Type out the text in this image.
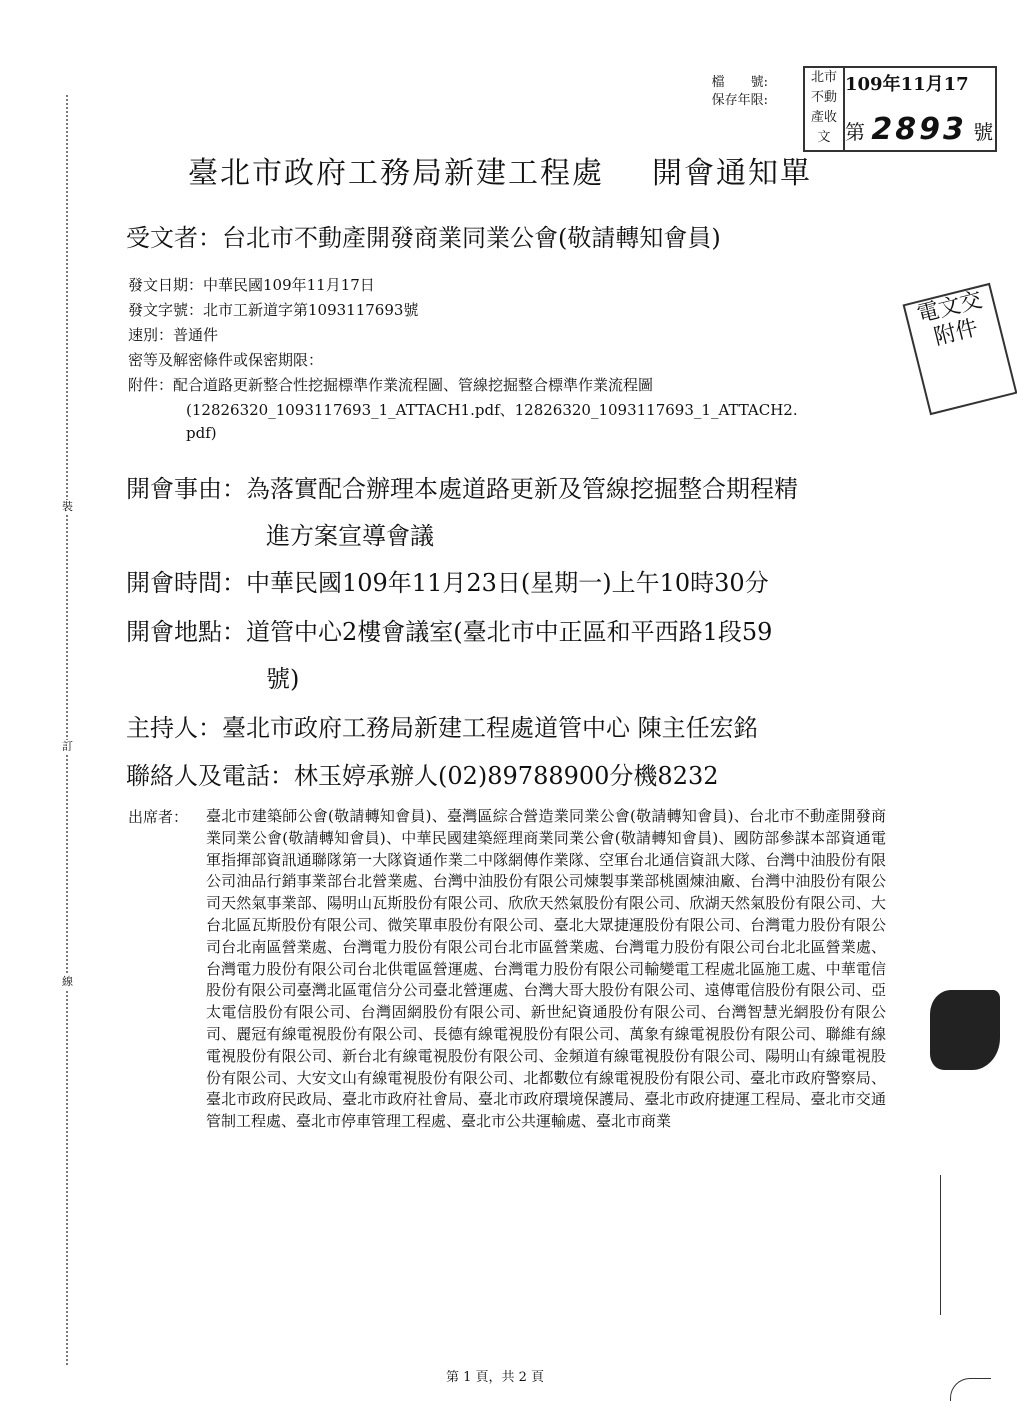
裝
訂
線
檔　　號:
保存年限:
北市不動產收文
109年11月17
第 2893 號
電文交附件
臺北市政府工務局新建工程處 開會通知單
受文者：台北市不動產開發商業同業公會(敬請轉知會員)
發文日期：中華民國109年11月17日
發文字號：北市工新道字第1093117693號
速別：普通件
密等及解密條件或保密期限：
附件：配合道路更新整合性挖掘標準作業流程圖、管線挖掘整合標準作業流程圖
(12826320_1093117693_1_ATTACH1.pdf、12826320_1093117693_1_ATTACH2.
pdf)
開會事由：為落實配合辦理本處道路更新及管線挖掘整合期程精
進方案宣導會議
開會時間：中華民國109年11月23日(星期一)上午10時30分
開會地點：道管中心2樓會議室(臺北市中正區和平西路1段59
號)
主持人：臺北市政府工務局新建工程處道管中心 陳主任宏銘
聯絡人及電話：林玉婷承辦人(02)89788900分機8232
出席者： 臺北市建築師公會(敬請轉知會員)、臺灣區綜合營造業同業公會(敬請轉知會員)、台北市不動產開發商業同業公會(敬請轉知會員)、中華民國建築經理商業同業公會(敬請轉知會員)、國防部參謀本部資通電軍指揮部資訊通聯隊第一大隊資通作業二中隊網傳作業隊、空軍台北通信資訊大隊、台灣中油股份有限公司油品行銷事業部台北營業處、台灣中油股份有限公司煉製事業部桃園煉油廠、台灣中油股份有限公司天然氣事業部、陽明山瓦斯股份有限公司、欣欣天然氣股份有限公司、欣湖天然氣股份有限公司、大台北區瓦斯股份有限公司、微笑單車股份有限公司、臺北大眾捷運股份有限公司、台灣電力股份有限公司台北南區營業處、台灣電力股份有限公司台北市區營業處、台灣電力股份有限公司台北北區營業處、台灣電力股份有限公司台北供電區營運處、台灣電力股份有限公司輸變電工程處北區施工處、中華電信股份有限公司臺灣北區電信分公司臺北營運處、台灣大哥大股份有限公司、遠傳電信股份有限公司、亞太電信股份有限公司、台灣固網股份有限公司、新世紀資通股份有限公司、台灣智慧光網股份有限公司、麗冠有線電視股份有限公司、長德有線電視股份有限公司、萬象有線電視股份有限公司、聯維有線電視股份有限公司、新台北有線電視股份有限公司、金頻道有線電視股份有限公司、陽明山有線電視股份有限公司、大安文山有線電視股份有限公司、北都數位有線電視股份有限公司、臺北市政府警察局、臺北市政府民政局、臺北市政府社會局、臺北市政府環境保護局、臺北市政府捷運工程局、臺北市交通管制工程處、臺北市停車管理工程處、臺北市公共運輸處、臺北市商業
第 1 頁，共 2 頁
